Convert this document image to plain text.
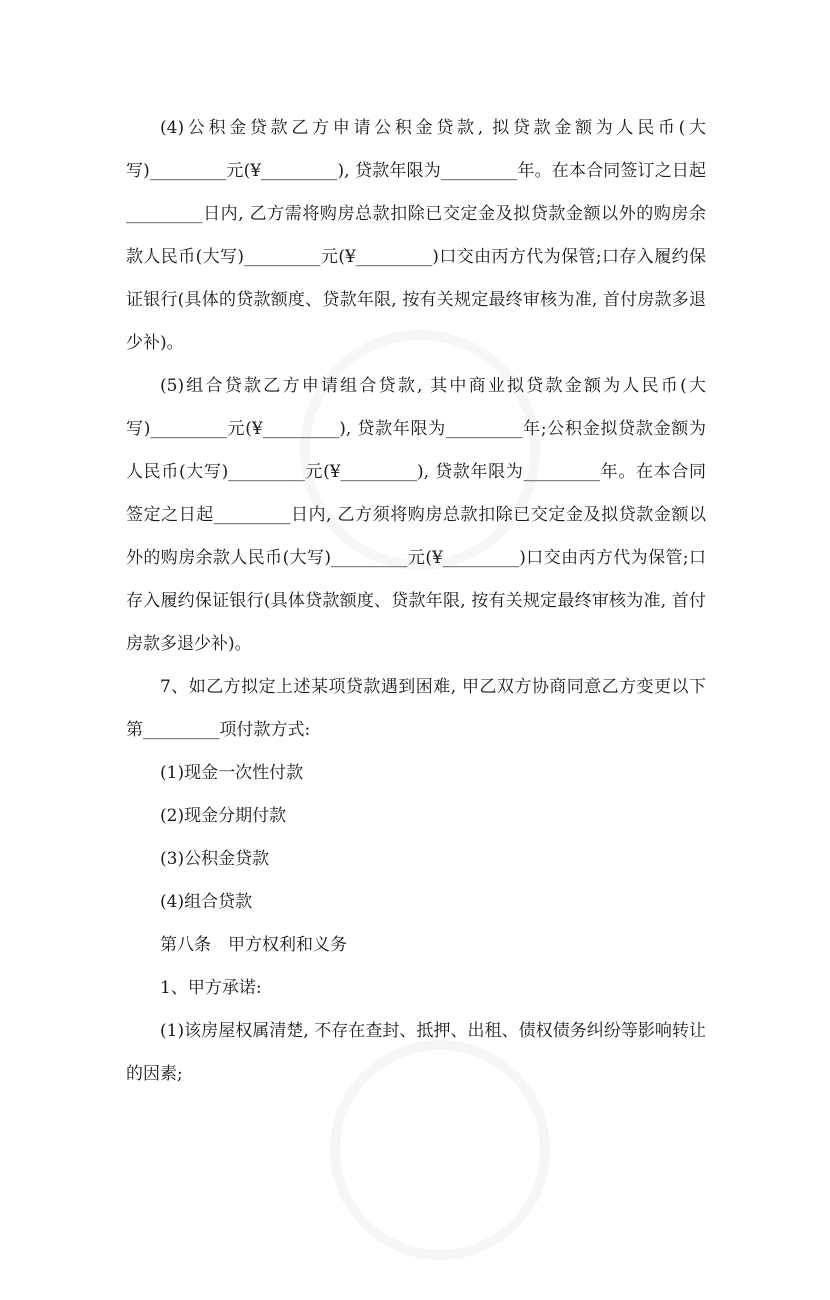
(4)公积金贷款乙方申请公积金贷款, 拟贷款金额为人民币(大写)_________元(¥_________), 贷款年限为_________年。在本合同签订之日起_________日内, 乙方需将购房总款扣除已交定金及拟贷款金额以外的购房余款人民币(大写)_________元(¥_________)口交由丙方代为保管;口存入履约保证银行(具体的贷款额度、贷款年限, 按有关规定最终审核为准, 首付房款多退少补)。

(5)组合贷款乙方申请组合贷款, 其中商业拟贷款金额为人民币(大写)_________元(¥_________), 贷款年限为_________年;公积金拟贷款金额为人民币(大写)_________元(¥_________), 贷款年限为_________年。在本合同签定之日起_________日内, 乙方须将购房总款扣除已交定金及拟贷款金额以外的购房余款人民币(大写)_________元(¥_________)口交由丙方代为保管;口存入履约保证银行(具体贷款额度、贷款年限, 按有关规定最终审核为准, 首付房款多退少补)。

7、如乙方拟定上述某项贷款遇到困难, 甲乙双方协商同意乙方变更以下第_________项付款方式:

(1)现金一次性付款

(2)现金分期付款

(3)公积金贷款

(4)组合贷款

第八条　甲方权利和义务

1、甲方承诺:

(1)该房屋权属清楚, 不存在查封、抵押、出租、债权债务纠纷等影响转让的因素;
